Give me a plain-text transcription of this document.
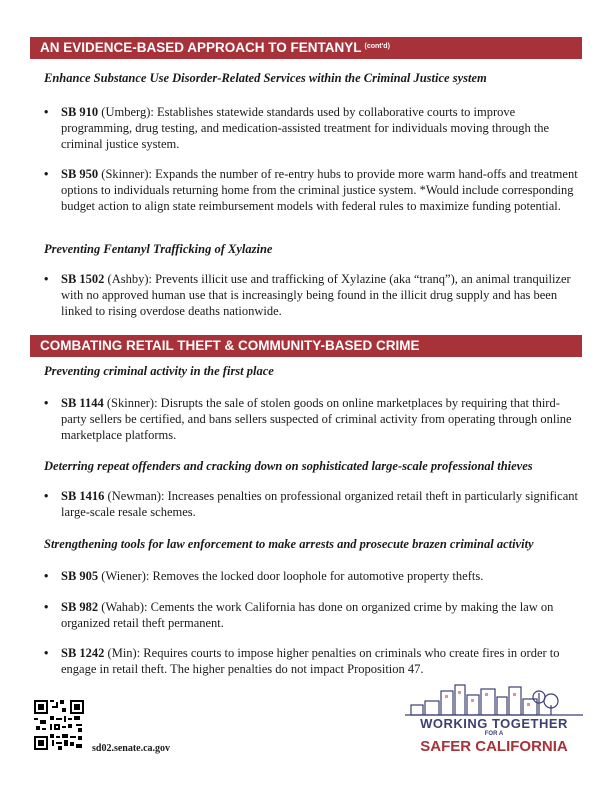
AN EVIDENCE-BASED APPROACH TO FENTANYL $^{(cont'd)}$
Enhance Substance Use Disorder-Related Services within the Criminal Justice system
• SB 910 (Umberg): Establishes statewide standards used by collaborative courts to improve programming, drug testing, and medication-assisted treatment for individuals moving through the criminal justice system.
• SB 950 (Skinner): Expands the number of re-entry hubs to provide more warm hand-offs and treatment options to individuals returning home from the criminal justice system. *Would include corresponding budget action to align state reimbursement models with federal rules to maximize funding potential.
Preventing Fentanyl Trafficking of Xylazine
• SB 1502 (Ashby): Prevents illicit use and trafficking of Xylazine (aka “tranq”), an animal tranquilizer with no approved human use that is increasingly being found in the illicit drug supply and has been linked to rising overdose deaths nationwide.
COMBATING RETAIL THEFT & COMMUNITY-BASED CRIME
Preventing criminal activity in the first place
• SB 1144 (Skinner): Disrupts the sale of stolen goods on online marketplaces by requiring that third-party sellers be certified, and bans sellers suspected of criminal activity from operating through online marketplace platforms.
Deterring repeat offenders and cracking down on sophisticated large-scale professional thieves
• SB 1416 (Newman): Increases penalties on professional organized retail theft in particularly significant large-scale resale schemes.
Strengthening tools for law enforcement to make arrests and prosecute brazen criminal activity
• SB 905 (Wiener): Removes the locked door loophole for automotive property thefts.
• SB 982 (Wahab): Cements the work California has done on organized crime by making the law on organized retail theft permanent.
• SB 1242 (Min): Requires courts to impose higher penalties on criminals who create fires in order to engage in retail theft. The higher penalties do not impact Proposition 47.
sd02.senate.ca.gov
WORKING TOGETHER
FOR A
SAFER CALIFORNIA
